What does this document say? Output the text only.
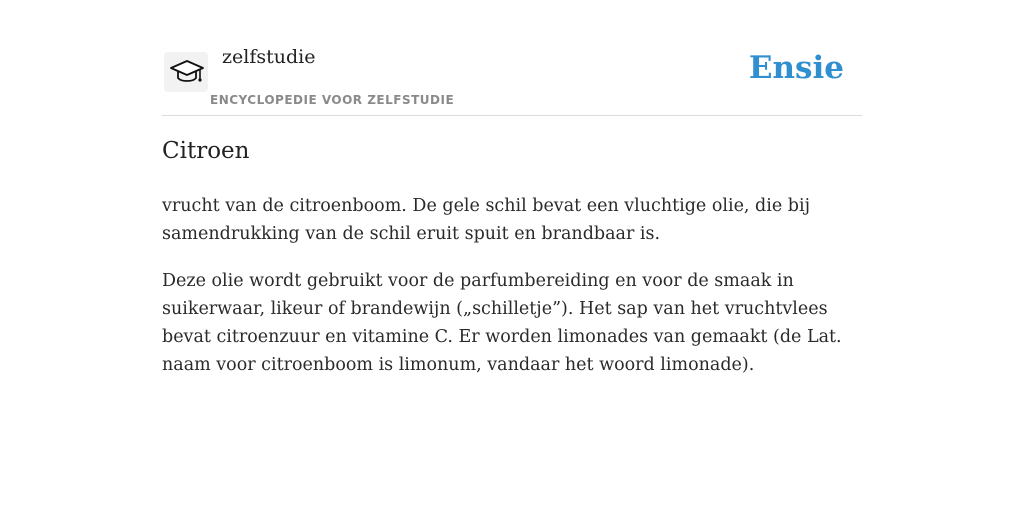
zelfstudie
ENCYCLOPEDIE VOOR ZELFSTUDIE
Ensie
Citroen

vrucht van de citroenboom. De gele schil bevat een vluchtige olie, die bij samendrukking van de schil eruit spuit en brandbaar is.

Deze olie wordt gebruikt voor de parfumbereiding en voor de smaak in suikerwaar, likeur of brandewijn („schilletje”). Het sap van het vruchtvlees bevat citroenzuur en vitamine C. Er worden limonades van gemaakt (de Lat. naam voor citroenboom is limonum, vandaar het woord limonade).
